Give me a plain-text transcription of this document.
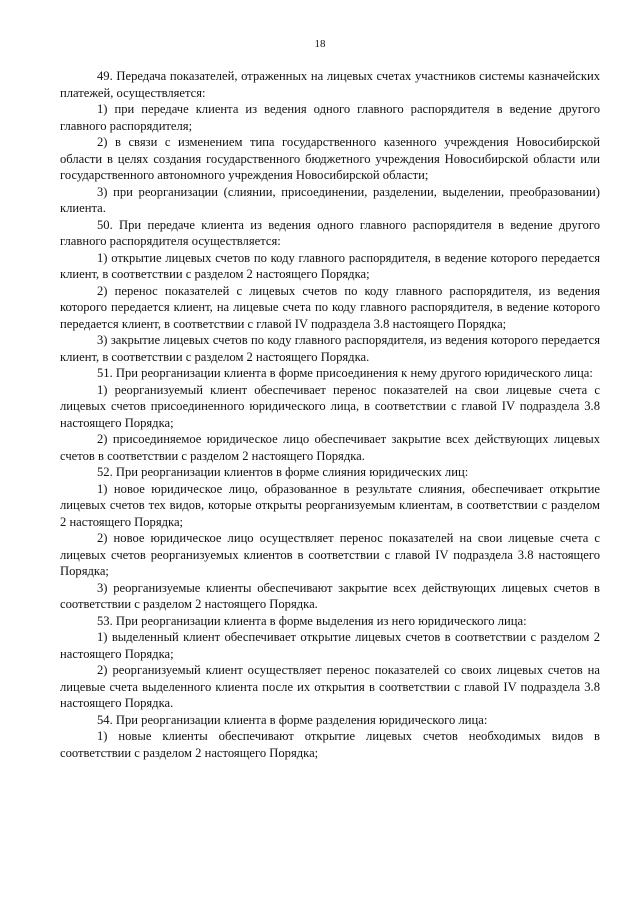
18

49. Передача показателей, отраженных на лицевых счетах участников системы казначейских платежей, осуществляется:

1) при передаче клиента из ведения одного главного распорядителя в ведение другого главного распорядителя;

2) в связи с изменением типа государственного казенного учреждения Новосибирской области в целях создания государственного бюджетного учреждения Новосибирской области или государственного автономного учреждения Новосибирской области;

3) при реорганизации (слиянии, присоединении, разделении, выделении, преобразовании) клиента.

50. При передаче клиента из ведения одного главного распорядителя в ведение другого главного распорядителя осуществляется:

1) открытие лицевых счетов по коду главного распорядителя, в ведение которого передается клиент, в соответствии с разделом 2 настоящего Порядка;

2) перенос показателей с лицевых счетов по коду главного распорядителя, из ведения которого передается клиент, на лицевые счета по коду главного распорядителя, в ведение которого передается клиент, в соответствии с главой IV подраздела 3.8 настоящего Порядка;

3) закрытие лицевых счетов по коду главного распорядителя, из ведения которого передается клиент, в соответствии с разделом 2 настоящего Порядка.

51. При реорганизации клиента в форме присоединения к нему другого юридического лица:

1) реорганизуемый клиент обеспечивает перенос показателей на свои лицевые счета с лицевых счетов присоединенного юридического лица, в соответствии с главой IV подраздела 3.8 настоящего Порядка;

2) присоединяемое юридическое лицо обеспечивает закрытие всех действующих лицевых счетов в соответствии с разделом 2 настоящего Порядка.

52. При реорганизации клиентов в форме слияния юридических лиц:

1) новое юридическое лицо, образованное в результате слияния, обеспечивает открытие лицевых счетов тех видов, которые открыты реорганизуемым клиентам, в соответствии с разделом 2 настоящего Порядка;

2) новое юридическое лицо осуществляет перенос показателей на свои лицевые счета с лицевых счетов реорганизуемых клиентов в соответствии с главой IV подраздела 3.8 настоящего Порядка;

3) реорганизуемые клиенты обеспечивают закрытие всех действующих лицевых счетов в соответствии с разделом 2 настоящего Порядка.

53. При реорганизации клиента в форме выделения из него юридического лица:

1) выделенный клиент обеспечивает открытие лицевых счетов в соответствии с разделом 2 настоящего Порядка;

2) реорганизуемый клиент осуществляет перенос показателей со своих лицевых счетов на лицевые счета выделенного клиента после их открытия в соответствии с главой IV подраздела 3.8 настоящего Порядка.

54. При реорганизации клиента в форме разделения юридического лица:

1) новые клиенты обеспечивают открытие лицевых счетов необходимых видов в соответствии с разделом 2 настоящего Порядка;
